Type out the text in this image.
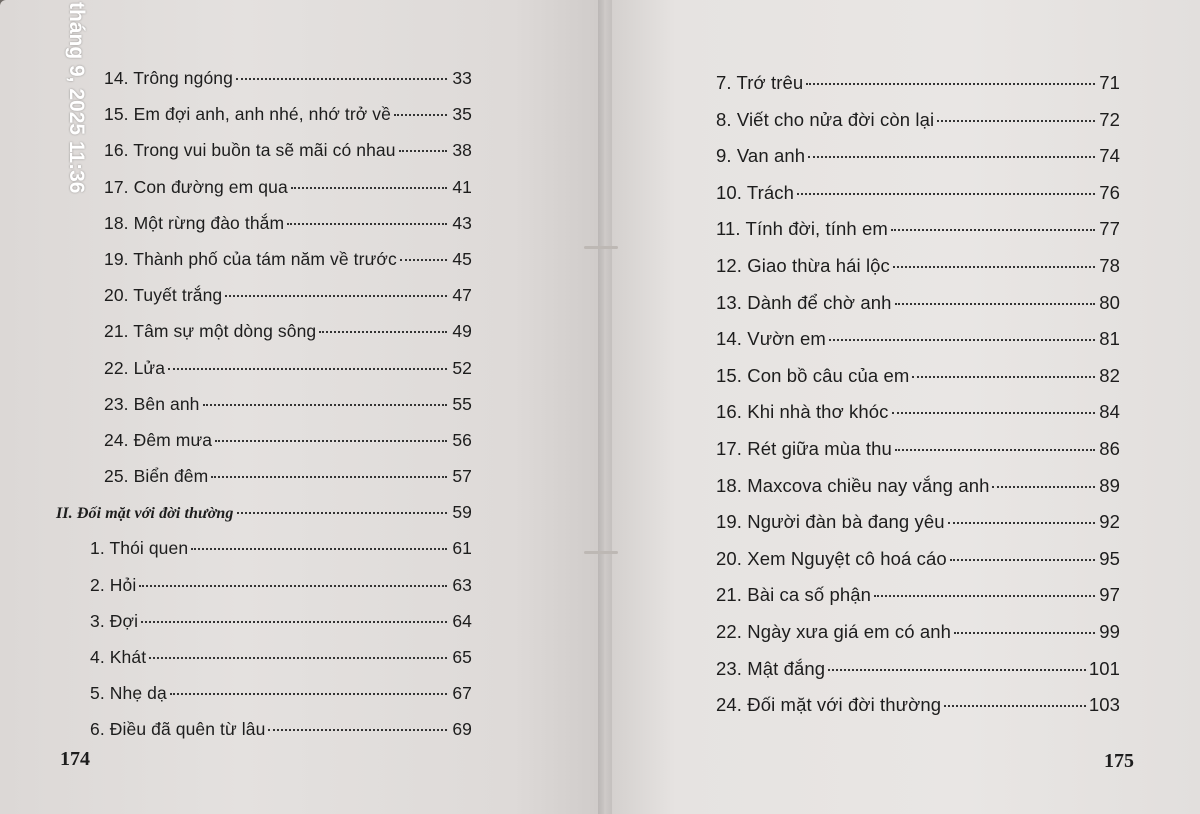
14. Trông ngóng	33
15. Em đợi anh, anh nhé, nhớ trở về	35
16. Trong vui buồn ta sẽ mãi có nhau	38
17. Con đường em qua	41
18. Một rừng đào thắm	43
19. Thành phố của tám năm về trước	45
20. Tuyết trắng	47
21. Tâm sự một dòng sông	49
22. Lửa	52
23. Bên anh	55
24. Đêm mưa	56
25. Biển đêm	57
II. Đối mặt với đời thường	59
1. Thói quen	61
2. Hỏi	63
3. Đợi	64
4. Khát	65
5. Nhẹ dạ	67
6. Điều đã quên từ lâu	69
174
7. Trớ trêu	71
8. Viết cho nửa đời còn lại	72
9. Van anh	74
10. Trách	76
11. Tính đời, tính em	77
12. Giao thừa hái lộc	78
13. Dành để chờ anh	80
14. Vườn em	81
15. Con bồ câu của em	82
16. Khi nhà thơ khóc	84
17. Rét giữa mùa thu	86
18. Maxcova chiều nay vắng anh	89
19. Người đàn bà đang yêu	92
20. Xem Nguyệt cô hoá cáo	95
21. Bài ca số phận	97
22. Ngày xưa giá em có anh	99
23. Mật đắng	101
24. Đối mặt với đời thường	103
175
tháng 9, 2025 11:36
